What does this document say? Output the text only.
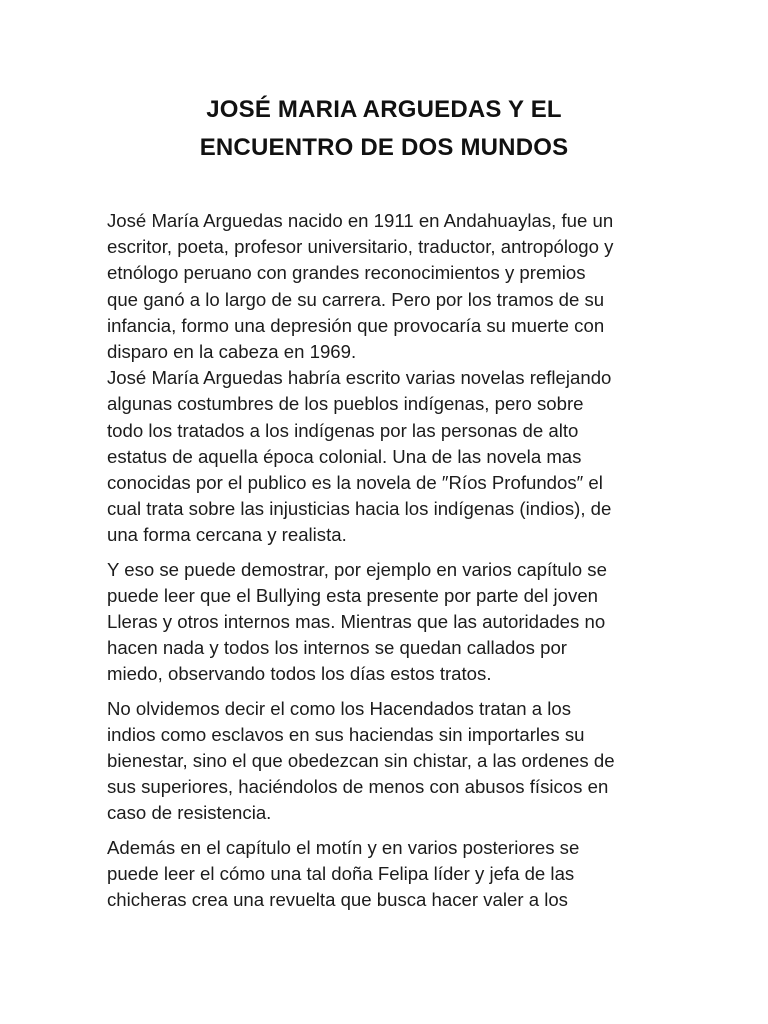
JOSÉ MARIA ARGUEDAS Y EL
ENCUENTRO DE DOS MUNDOS

José María Arguedas nacido en 1911 en Andahuaylas, fue un
escritor, poeta, profesor universitario, traductor, antropólogo y
etnólogo peruano con grandes reconocimientos y premios
que ganó a lo largo de su carrera. Pero por los tramos de su
infancia, formo una depresión que provocaría su muerte con
disparo en la cabeza en 1969.

José María Arguedas habría escrito varias novelas reflejando
algunas costumbres de los pueblos indígenas, pero sobre
todo los tratados a los indígenas por las personas de alto
estatus de aquella época colonial. Una de las novela mas
conocidas por el publico es la novela de ″Ríos Profundos″ el
cual trata sobre las injusticias hacia los indígenas (indios), de
una forma cercana y realista.

Y eso se puede demostrar, por ejemplo en varios capítulo se
puede leer que el Bullying esta presente por parte del joven
Lleras y otros internos mas. Mientras que las autoridades no
hacen nada y todos los internos se quedan callados por
miedo, observando todos los días estos tratos.

No olvidemos decir el como los Hacendados tratan a los
indios como esclavos en sus haciendas sin importarles su
bienestar, sino el que obedezcan sin chistar, a las ordenes de
sus superiores, haciéndolos de menos con abusos físicos en
caso de resistencia.

Además en el capítulo el motín y en varios posteriores se
puede leer el cómo una tal doña Felipa líder y jefa de las
chicheras crea una revuelta que busca hacer valer a los
